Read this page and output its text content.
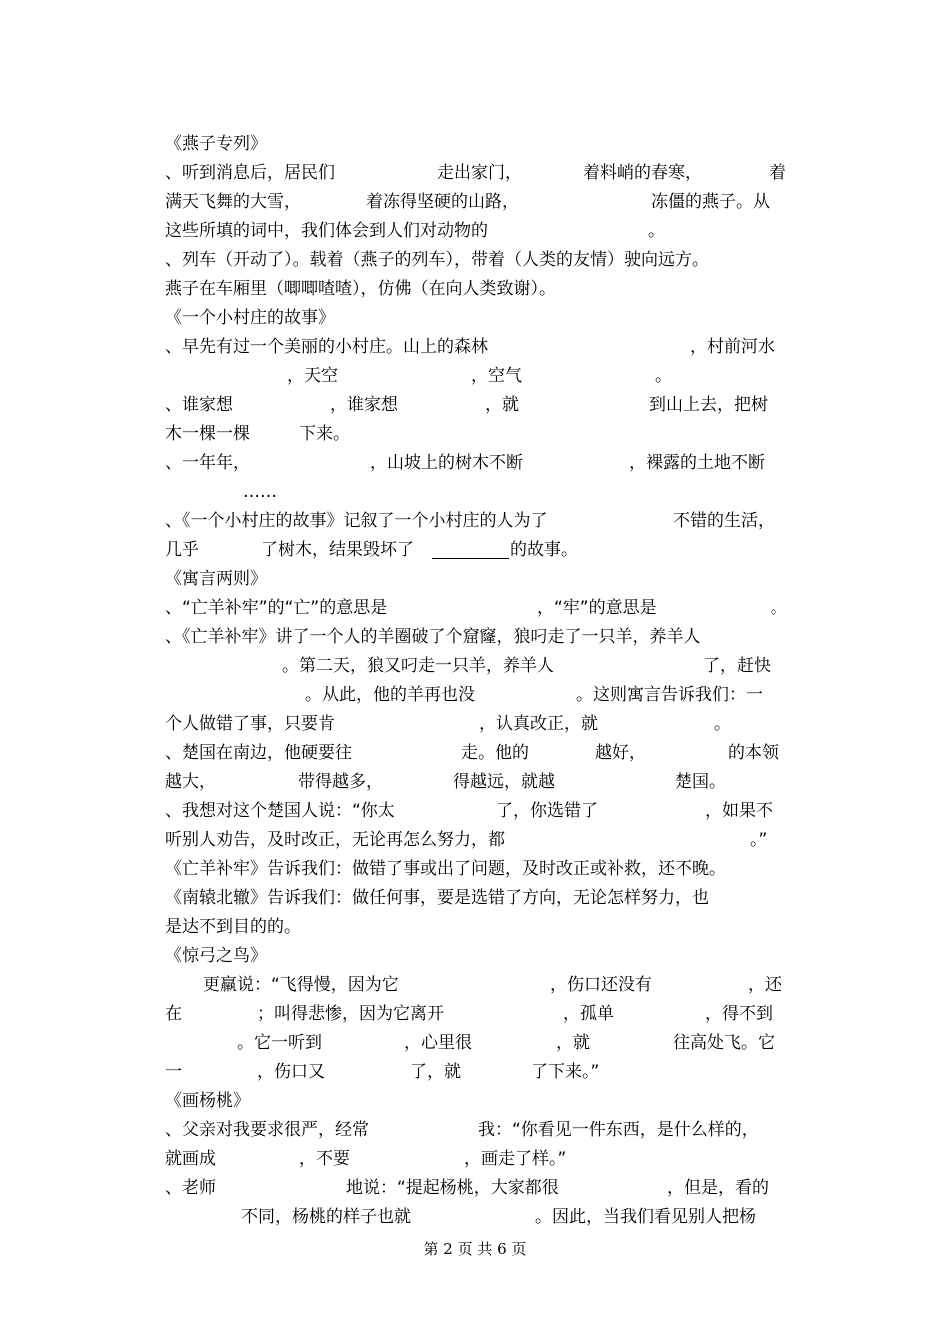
《燕子专列》
、听到消息后，居民们	走出家门，	着料峭的春寒，	着
满天飞舞的大雪，	着冻得坚硬的山路，	冻僵的燕子。从
这些所填的词中，我们体会到人们对动物的	。
、列车（开动了）。载着（燕子的列车），带着（人类的友情）驶向远方。
燕子在车厢里（唧唧喳喳），仿佛（在向人类致谢）。
《一个小村庄的故事》
、早先有过一个美丽的小村庄。山上的森林	，村前河水
，天空	，空气	。
、谁家想	，谁家想	，就	到山上去，把树
木一棵一棵	下来。
、一年年，	，山坡上的树木不断	，裸露的土地不断
……
、《一个小村庄的故事》记叙了一个小村庄的人为了	不错的生活，
几乎	了树木，结果毁坏了	的故事。
《寓言两则》
、“亡羊补牢”的“亡”的意思是	，“牢”的意思是	。
、《亡羊补牢》讲了一个人的羊圈破了个窟窿，狼叼走了一只羊，养羊人
。第二天，狼又叼走一只羊，养羊人	了，赶快
。从此，他的羊再也没	。这则寓言告诉我们：一
个人做错了事，只要肯	，认真改正，就	。
、楚国在南边，他硬要往	走。他的	越好，	的本领
越大，	带得越多，	得越远，就越	楚国。
、我想对这个楚国人说：“你太	了，你选错了	，如果不
听别人劝告，及时改正，无论再怎么努力，都	。”
《亡羊补牢》告诉我们：做错了事或出了问题，及时改正或补救，还不晚。
《南辕北辙》告诉我们：做任何事，要是选错了方向，无论怎样努力，也
是达不到目的的。
《惊弓之鸟》
更羸说：“飞得慢，因为它	，伤口还没有	，还
在	；叫得悲惨，因为它离开	，孤单	，得不到
。它一听到	，心里很	，就	往高处飞。它
一	，伤口又	了，就	了下来。”
《画杨桃》
、父亲对我要求很严，经常	我：“你看见一件东西，是什么样的，
就画成	，不要	，画走了样。”
、老师	地说：“提起杨桃，大家都很	，但是，看的
不同，杨桃的样子也就	。因此，当我们看见别人把杨
第 2 页 共 6 页
